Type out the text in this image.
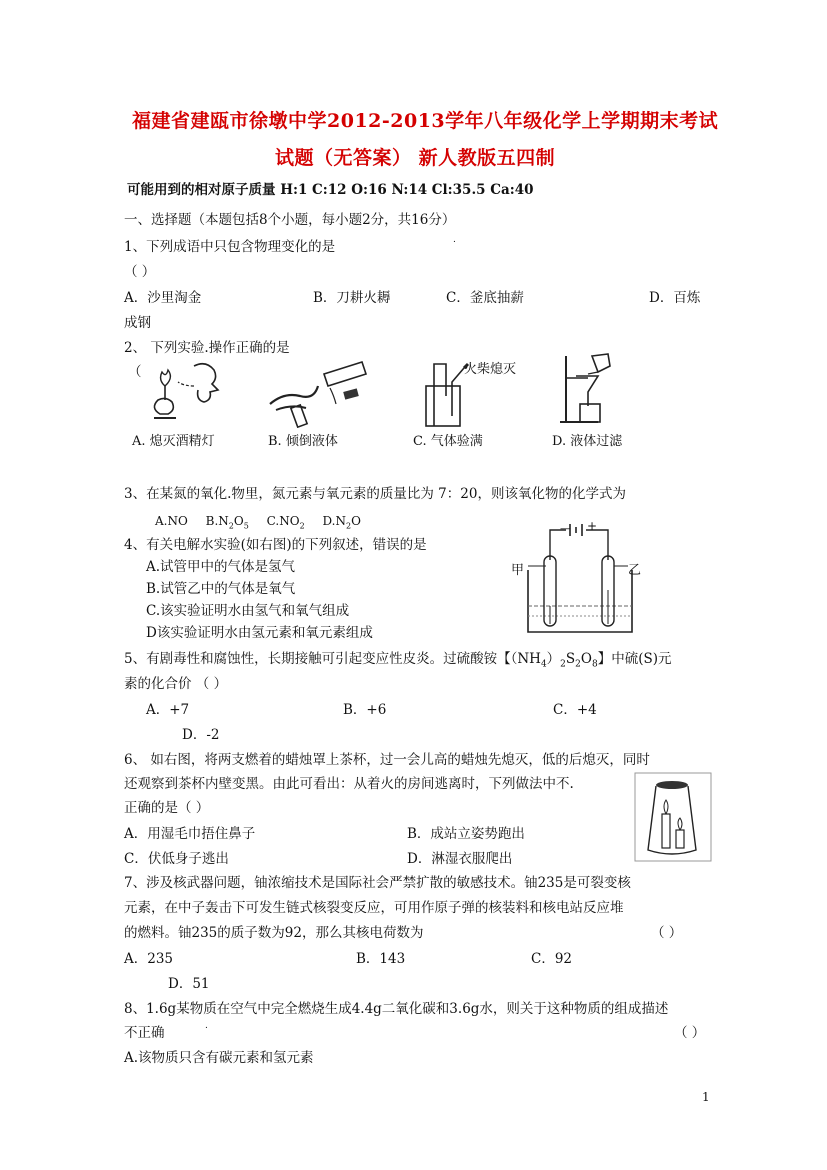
福建省建瓯市徐墩中学2012-2013学年八年级化学上学期期末考试
试题（无答案） 新人教版五四制
可能用到的相对原子质量 H:1 C:12 O:16 N:14 Cl:35.5 Ca:40
一、选择题（本题包括8个小题，每小题2分，共16分）
1、下列成语中只包含物理变化的是	.
（ ）
A．沙里淘金	B．刀耕火耨	C．釜底抽薪	D．百炼
成钢
2、 下列实验.操作正确的是
（
A. 熄灭酒精灯	B. 倾倒液体
火柴熄灭
C. 气体验满	D. 液体过滤
3、在某氮的氧化.物里，氮元素与氧元素的质量比为 7：20，则该氧化物的化学式为
A.NO $B.N_2O_5$ $C.NO_2$ $D.N_2O$
4、有关电解水实验(如右图)的下列叙述，错误的是
A.试管甲中的气体是氢气
B.试管乙中的气体是氧气
C.该实验证明水由氢气和氧气组成
D该实验证明水由氢元素和氧元素组成
甲	乙
— +
5、有剧毒性和腐蚀性，长期接触可引起变应性皮炎。过硫酸铵【$(NH_4)_2S_2O_8$】中硫(S)元
素的化合价 （ ）
A．+7	B．+6	C．+4
D．-2
6、 如右图，将两支燃着的蜡烛罩上茶杯，过一会儿高的蜡烛先熄灭，低的后熄灭，同时
还观察到茶杯内壁变黑。由此可看出：从着火的房间逃离时，下列做法中不.
正确的是（ ）
A．用湿毛巾捂住鼻子	B．成站立姿势跑出
C．伏低身子逃出	D．淋湿衣服爬出
7、涉及核武器问题，铀浓缩技术是国际社会严禁扩散的敏感技术。铀235是可裂变核
元素，在中子轰击下可发生链式核裂变反应，可用作原子弹的核装料和核电站反应堆
的燃料。铀235的质子数为92，那么其核电荷数为	（ ）
A．235	B．143	C．92
D．51
8、1.6g某物质在空气中完全燃烧生成4.4g二氧化碳和3.6g水，则关于这种物质的组成描述
不正确	.	（ ）
A.该物质只含有碳元素和氢元素
1
